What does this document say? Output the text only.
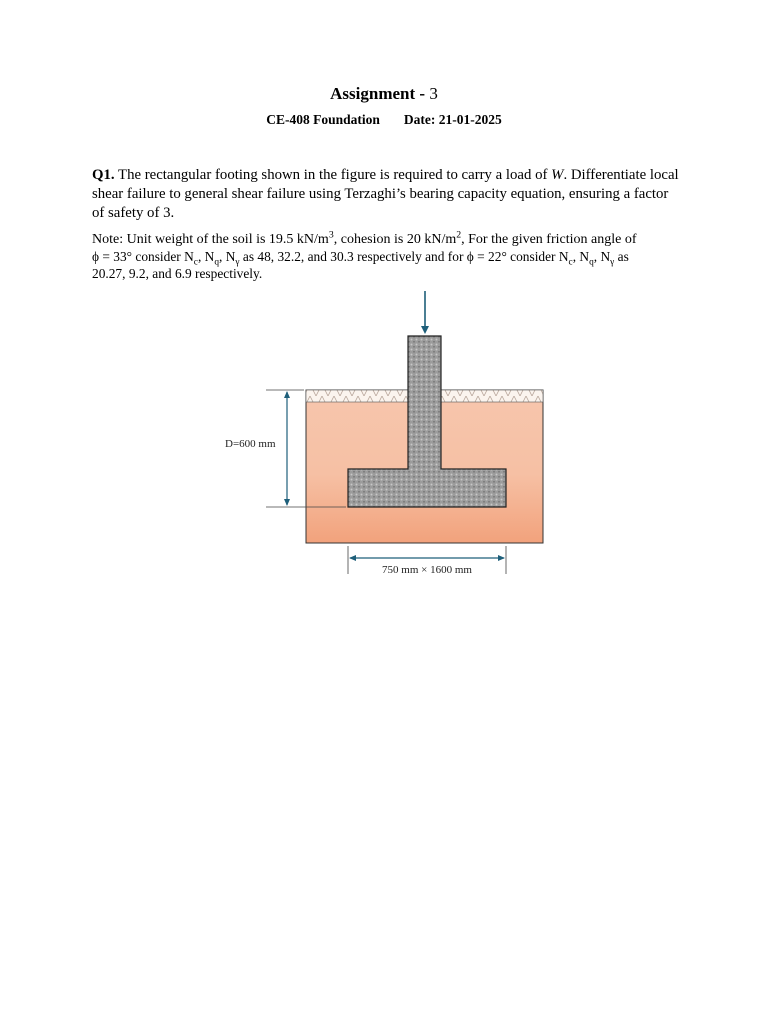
Assignment - 3
CE-408 Foundation Date: 21-01-2025
Q1. The rectangular footing shown in the figure is required to carry a load of W. Differentiate local shear failure to general shear failure using Terzaghi’s bearing capacity equation, ensuring a factor of safety of 3.
Note: Unit weight of the soil is 19.5 $kN/m^3$, cohesion is 20 $kN/m^2$, For the given friction angle of
ϕ = 33° consider $N_c$, $N_q$, $N_\gamma$ as 48, 32.2, and 30.3 respectively and for ϕ = 22° consider $N_c$, $N_q$, $N_\gamma$ as
20.27, 9.2, and 6.9 respectively.
D=600 mm
750 mm × 1600 mm
